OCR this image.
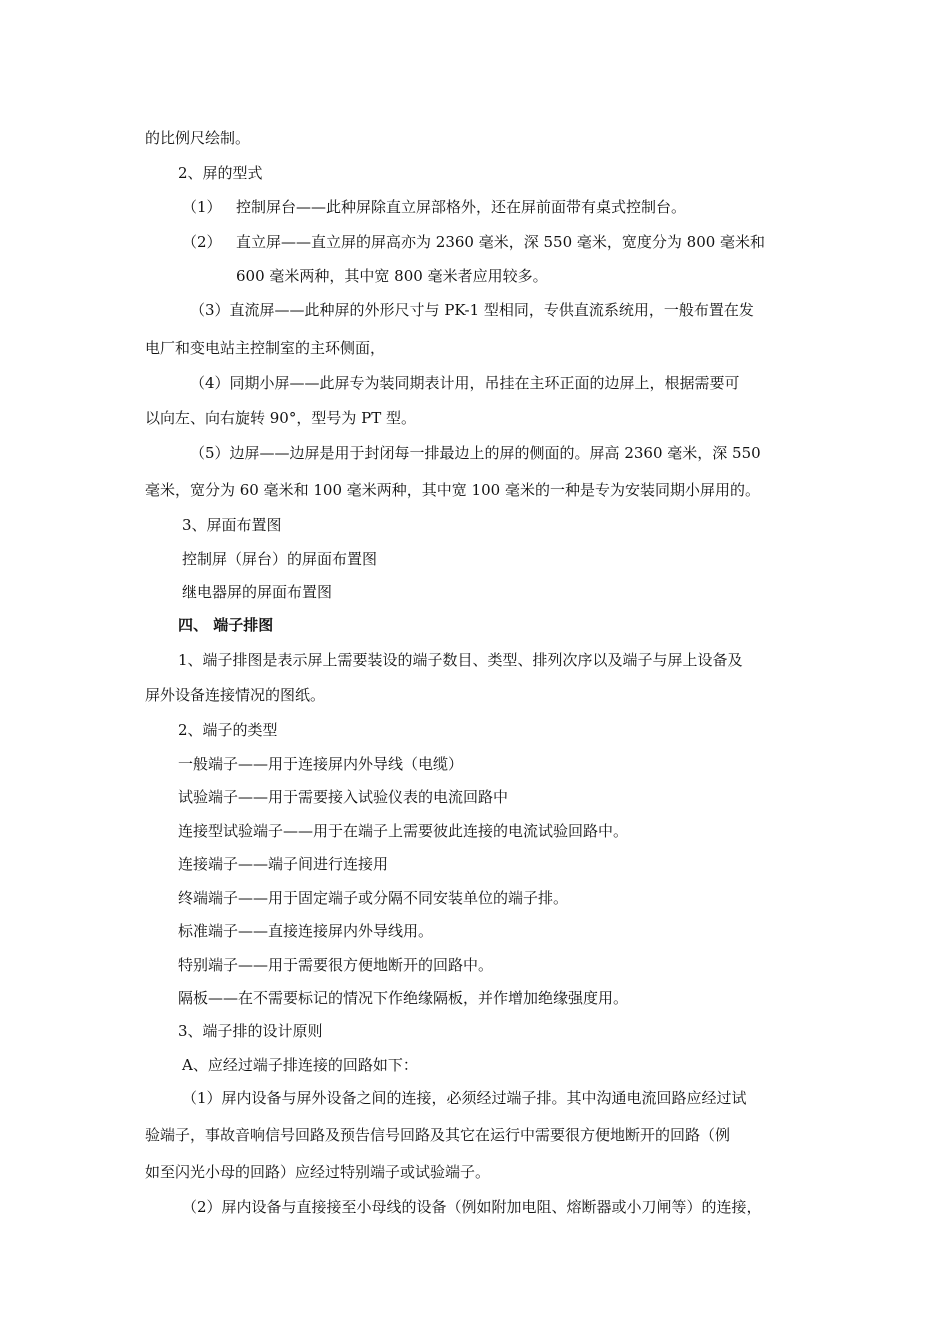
的比例尺绘制。
2、屏的型式
（1） 控制屏台——此种屏除直立屏部格外，还在屏前面带有桌式控制台。
（2） 直立屏——直立屏的屏高亦为 2360 毫米，深 550 毫米，宽度分为 800 毫米和
600 毫米两种，其中宽 800 毫米者应用较多。
（3）直流屏——此种屏的外形尺寸与 PK-1 型相同，专供直流系统用，一般布置在发
电厂和变电站主控制室的主环侧面，
（4）同期小屏——此屏专为装同期表计用，吊挂在主环正面的边屏上，根据需要可
以向左、向右旋转 90°，型号为 PT 型。
（5）边屏——边屏是用于封闭每一排最边上的屏的侧面的。屏高 2360 毫米，深 550
毫米，宽分为 60 毫米和 100 毫米两种，其中宽 100 毫米的一种是专为安装同期小屏用的。
3、屏面布置图
控制屏（屏台）的屏面布置图
继电器屏的屏面布置图
四、 端子排图
1、端子排图是表示屏上需要装设的端子数目、类型、排列次序以及端子与屏上设备及
屏外设备连接情况的图纸。
2、端子的类型
一般端子——用于连接屏内外导线（电缆）
试验端子——用于需要接入试验仪表的电流回路中
连接型试验端子——用于在端子上需要彼此连接的电流试验回路中。
连接端子——端子间进行连接用
终端端子——用于固定端子或分隔不同安装单位的端子排。
标准端子——直接连接屏内外导线用。
特别端子——用于需要很方便地断开的回路中。
隔板——在不需要标记的情况下作绝缘隔板，并作增加绝缘强度用。
3、端子排的设计原则
A、应经过端子排连接的回路如下：
（1）屏内设备与屏外设备之间的连接，必须经过端子排。其中沟通电流回路应经过试
验端子，事故音响信号回路及预告信号回路及其它在运行中需要很方便地断开的回路（例
如至闪光小母的回路）应经过特别端子或试验端子。
（2）屏内设备与直接接至小母线的设备（例如附加电阻、熔断器或小刀闸等）的连接，
